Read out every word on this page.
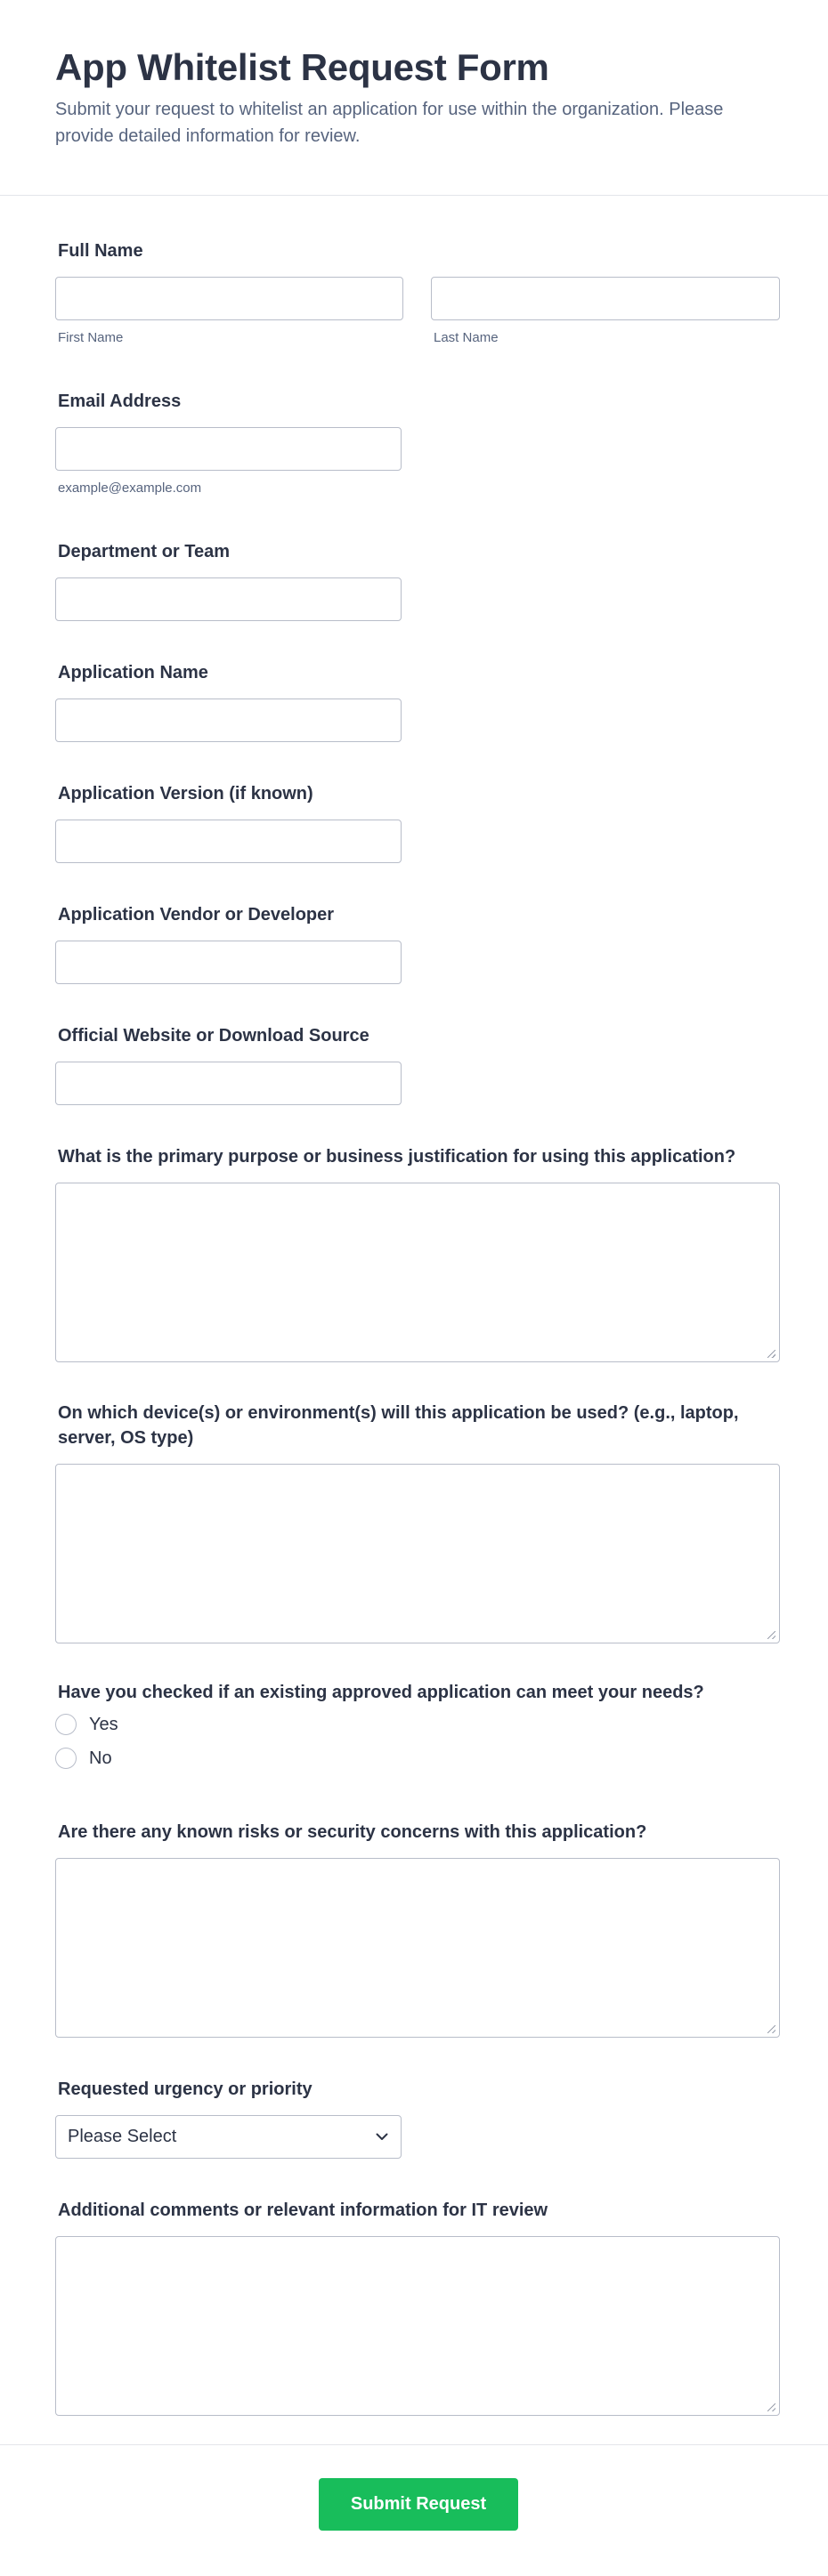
App Whitelist Request Form

Submit your request to whitelist an application for use within the organization. Please provide detailed information for review.

Full Name
First Name	Last Name
Email Address
example@example.com
Department or Team
Application Name
Application Version (if known)
Application Vendor or Developer
Official Website or Download Source
What is the primary purpose or business justification for using this application?
On which device(s) or environment(s) will this application be used? (e.g., laptop, server, OS type)
Have you checked if an existing approved application can meet your needs?
Yes
No
Are there any known risks or security concerns with this application?
Requested urgency or priority
Please Select
Additional comments or relevant information for IT review
Submit Request
